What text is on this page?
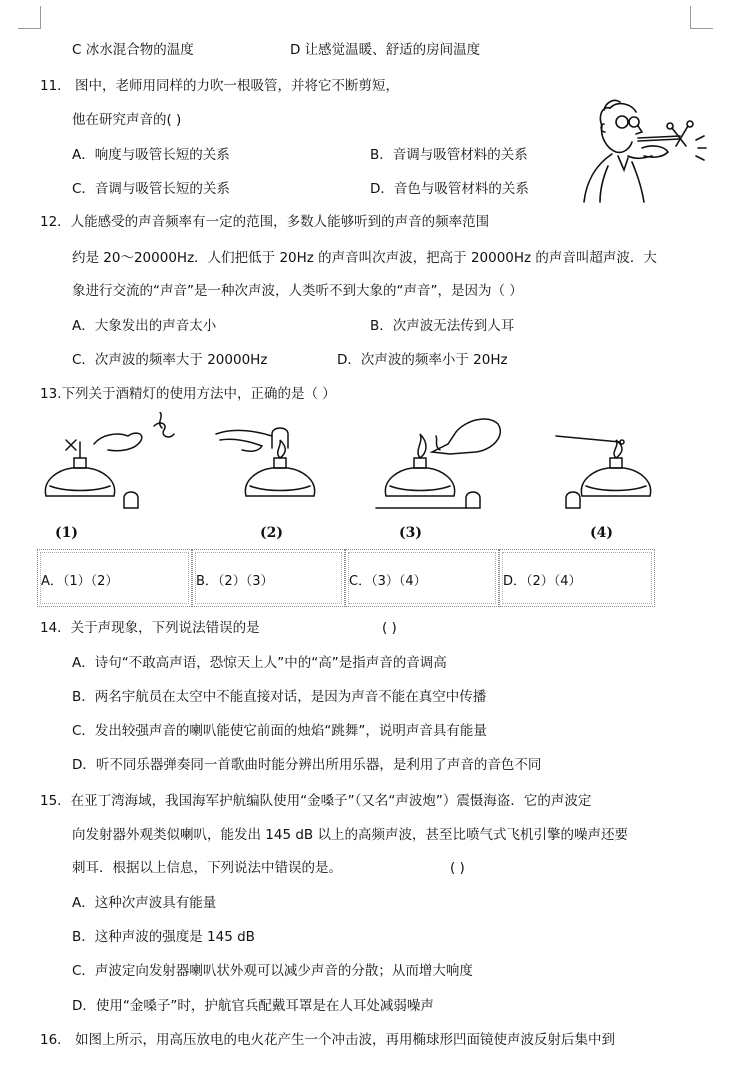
C 冰水混合物的温度	D 让感觉温暖、舒适的房间温度
11． 图中，老师用同样的力吹一根吸管，并将它不断剪短，
他在研究声音的( )
A．响度与吸管长短的关系	B．音调与吸管材料的关系
C．音调与吸管长短的关系	D．音色与吸管材料的关系
12．人能感受的声音频率有一定的范围，多数人能够听到的声音的频率范围
约是 20～20000Hz．人们把低于 20Hz 的声音叫次声波，把高于 20000Hz 的声音叫超声波．大
象进行交流的“声音”是一种次声波，人类听不到大象的“声音”，是因为（ ）
A．大象发出的声音太小	B．次声波无法传到人耳
C．次声波的频率大于 20000Hz	D．次声波的频率小于 20Hz
13.下列关于酒精灯的使用方法中，正确的是（ ）
(1)	(2)	(3)	(4)
A．（1）（2）	B．（2）（3）	C．（3）（4）	D．（2）（4）
14．关于声现象，下列说法错误的是	( )
A．诗句“不敢高声语，恐惊天上人”中的“高”是指声音的音调高
B．两名宇航员在太空中不能直接对话，是因为声音不能在真空中传播
C．发出较强声音的喇叭能使它前面的烛焰“跳舞”，说明声音具有能量
D．听不同乐器弹奏同一首歌曲时能分辨出所用乐器，是利用了声音的音色不同
15．在亚丁湾海域，我国海军护航编队使用“金嗓子”（又名“声波炮”）震慑海盗．它的声波定
向发射器外观类似喇叭，能发出 145 dB 以上的高频声波，甚至比喷气式飞机引擎的噪声还要
刺耳．根据以上信息，下列说法中错误的是。	( )
A．这种次声波具有能量
B．这种声波的强度是 145 dB
C．声波定向发射器喇叭状外观可以减少声音的分散；从而增大响度
D．使用“金嗓子”时，护航官兵配戴耳罩是在人耳处减弱噪声
16． 如图上所示，用高压放电的电火花产生一个冲击波，再用椭球形凹面镜使声波反射后集中到
